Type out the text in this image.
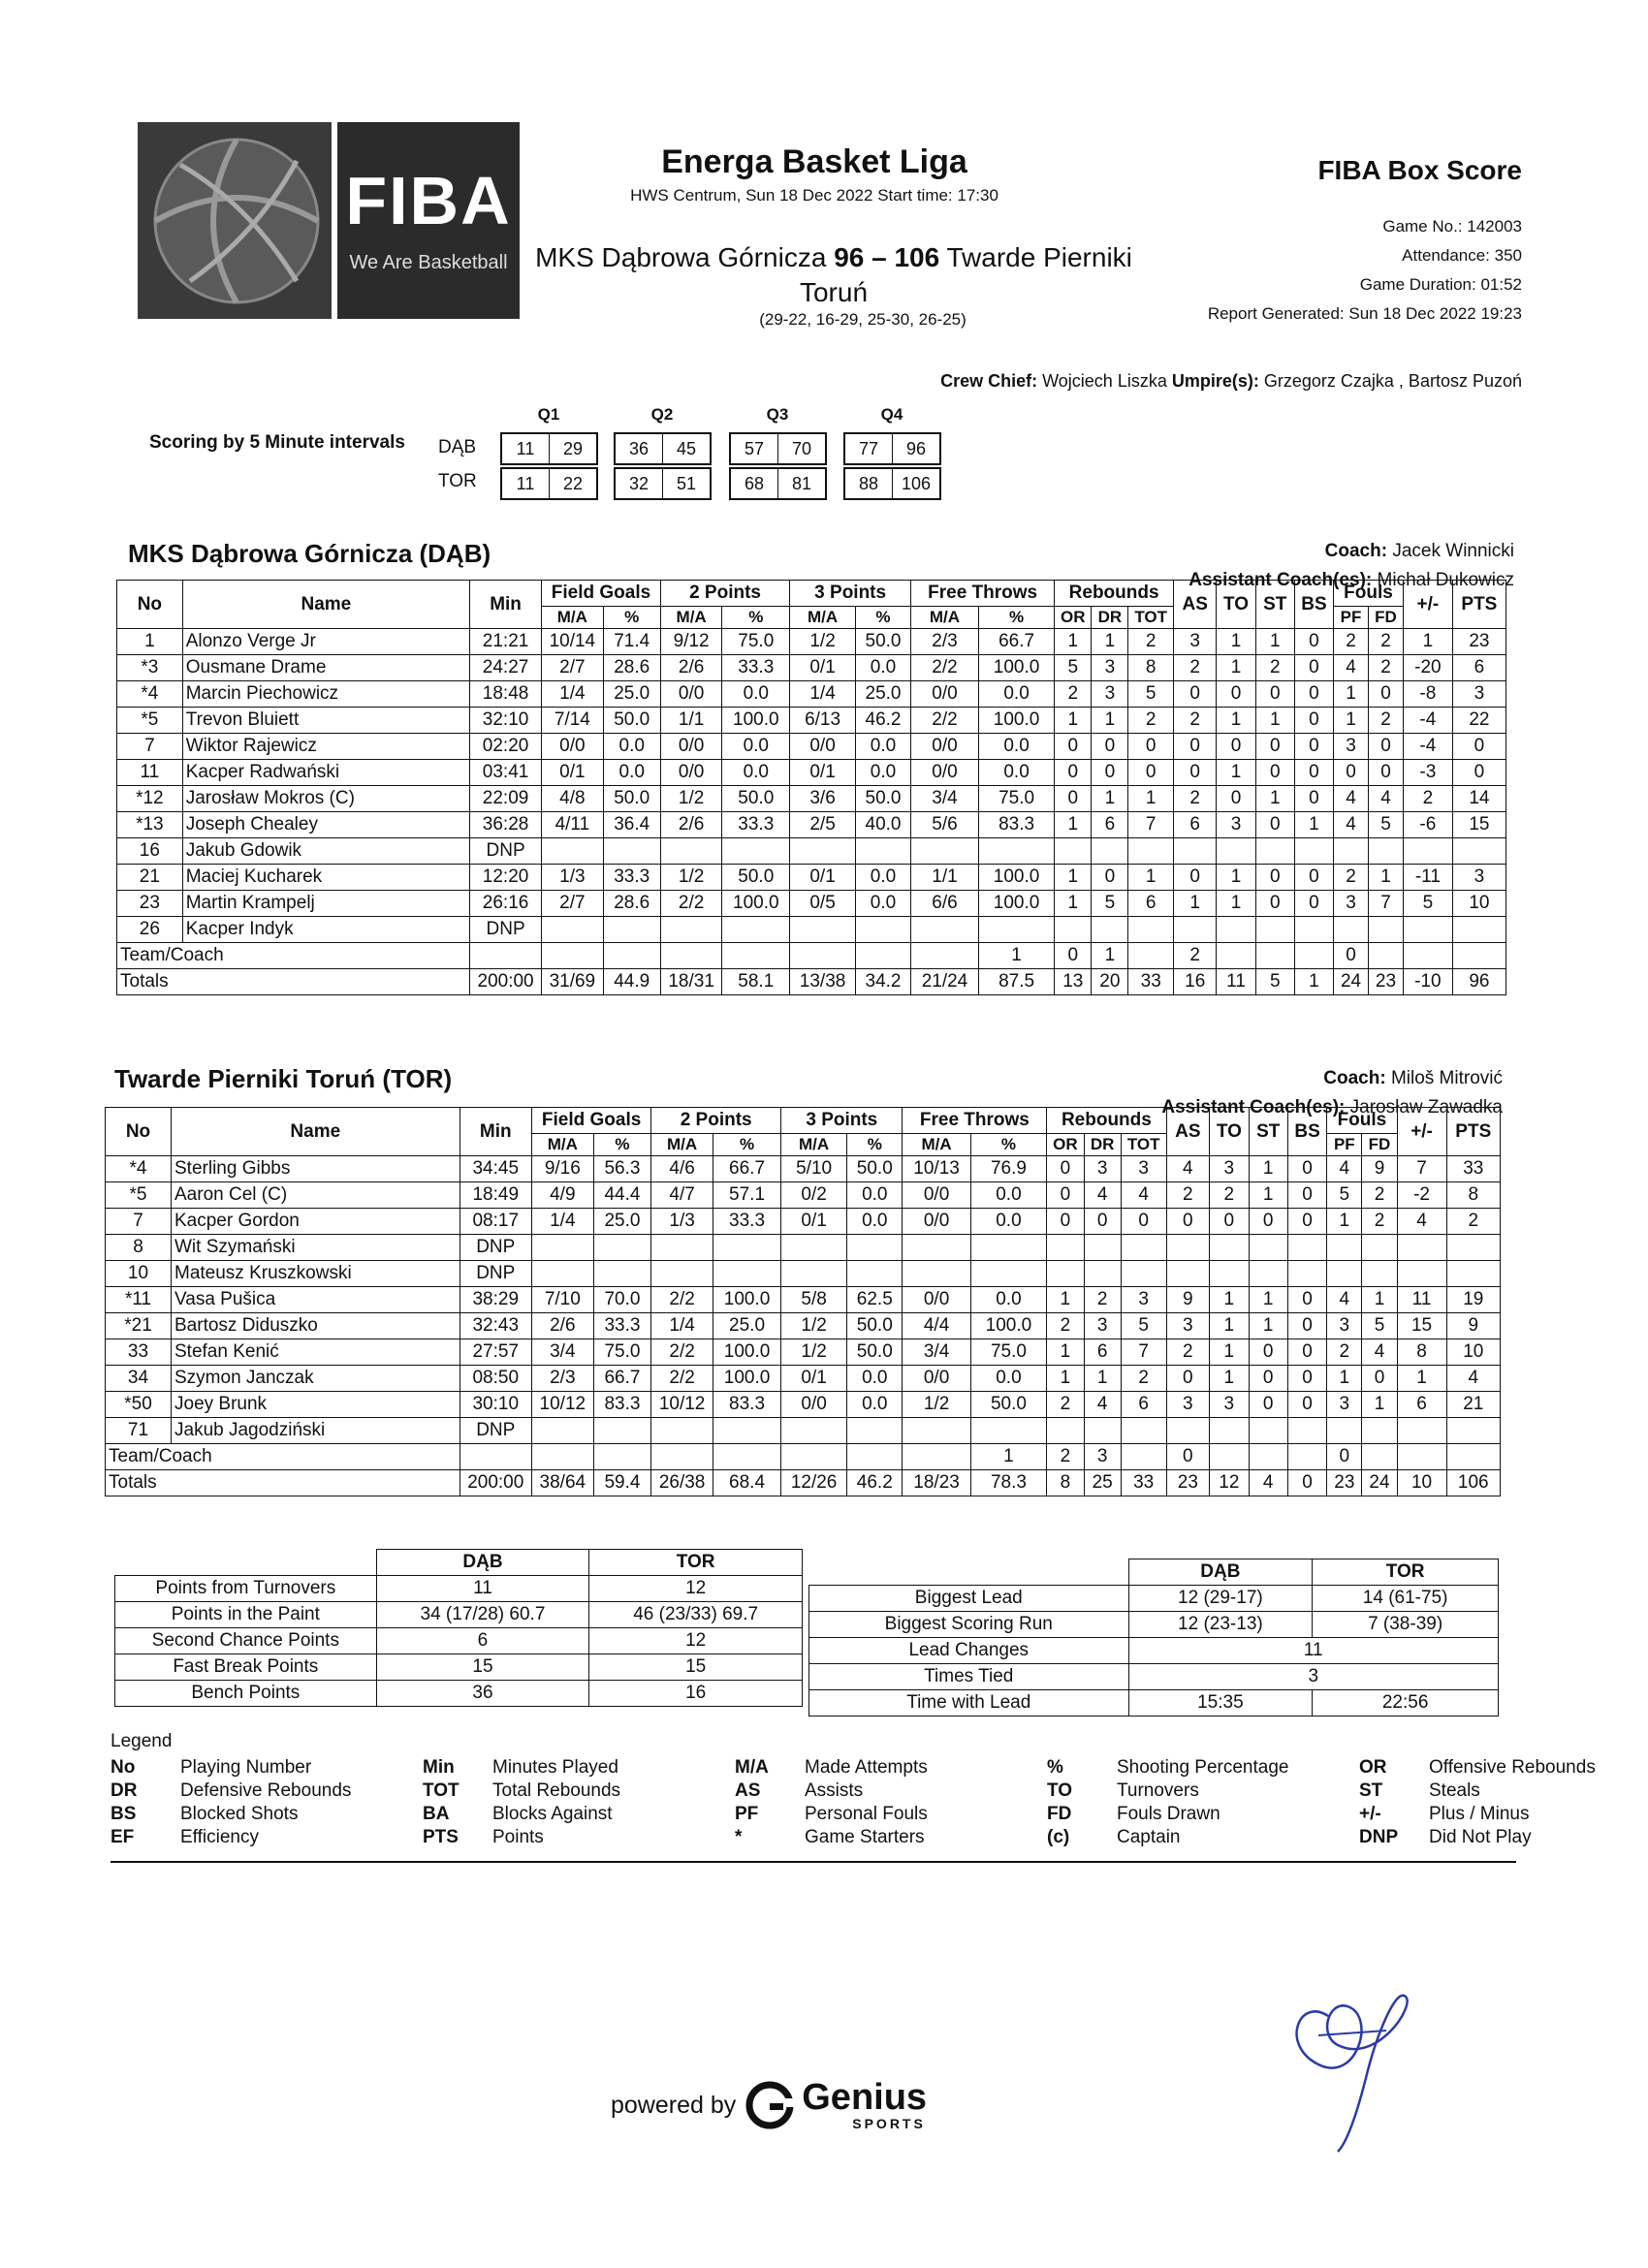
FIBA
We Are Basketball
Energa Basket Liga
HWS Centrum, Sun 18 Dec 2022 Start time: 17:30
MKS Dąbrowa Górnicza 96 – 106 Twarde Pierniki
Toruń
(29-22, 16-29, 25-30, 26-25)
FIBA Box Score
Game No.: 142003
Attendance: 350
Game Duration: 01:52
Report Generated: Sun 18 Dec 2022 19:23
Crew Chief: Wojciech Liszka Umpire(s): Grzegorz Czajka , Bartosz Puzoń
Scoring by 5 Minute intervals DĄB
TOR
Q1	Q2	Q3	Q4
11	29	36	45	57	70	77	96
11	22	32	51	68	81	88	106
MKS Dąbrowa Górnicza (DĄB)	Coach: Jacek Winnicki
Assistant Coach(es): Michał Dukowicz
No	Name	Min	Field Goals		2 Points		3 Points		Free Throws		Rebounds			AS	TO	ST	BS	Fouls		+/-	PTS
			M/A	%	M/A	%	M/A	%	M/A	%	OR	DR	TOT					PF	FD		
1	Alonzo Verge Jr	21:21	10/14	71.4	9/12	75.0	1/2	50.0	2/3	66.7	1	1	2	3	1	1	0	2	2	1	23
*3	Ousmane Drame	24:27	2/7	28.6	2/6	33.3	0/1	0.0	2/2	100.0	5	3	8	2	1	2	0	4	2	-20	6
*4	Marcin Piechowicz	18:48	1/4	25.0	0/0	0.0	1/4	25.0	0/0	0.0	2	3	5	0	0	0	0	1	0	-8	3
*5	Trevon Bluiett	32:10	7/14	50.0	1/1	100.0	6/13	46.2	2/2	100.0	1	1	2	2	1	1	0	1	2	-4	22
7	Wiktor Rajewicz	02:20	0/0	0.0	0/0	0.0	0/0	0.0	0/0	0.0	0	0	0	0	0	0	0	3	0	-4	0
11	Kacper Radwański	03:41	0/1	0.0	0/0	0.0	0/1	0.0	0/0	0.0	0	0	0	0	1	0	0	0	0	-3	0
*12	Jarosław Mokros (C)	22:09	4/8	50.0	1/2	50.0	3/6	50.0	3/4	75.0	0	1	1	2	0	1	0	4	4	2	14
*13	Joseph Chealey	36:28	4/11	36.4	2/6	33.3	2/5	40.0	5/6	83.3	1	6	7	6	3	0	1	4	5	-6	15
16	Jakub Gdowik	DNP																			
21	Maciej Kucharek	12:20	1/3	33.3	1/2	50.0	0/1	0.0	1/1	100.0	1	0	1	0	1	0	0	2	1	-11	3
23	Martin Krampelj	26:16	2/7	28.6	2/2	100.0	0/5	0.0	6/6	100.0	1	5	6	1	1	0	0	3	7	5	10
26	Kacper Indyk	DNP																			
Team/Coach										1	0	1		2				0			
Totals		200:00	31/69	44.9	18/31	58.1	13/38	34.2	21/24	87.5	13	20	33	16	11	5	1	24	23	-10	96
Twarde Pierniki Toruń (TOR)	Coach: Miloš Mitrović
Assistant Coach(es): Jarosław Zawadka
No	Name	Min	Field Goals		2 Points		3 Points		Free Throws		Rebounds			AS	TO	ST	BS	Fouls		+/-	PTS
			M/A	%	M/A	%	M/A	%	M/A	%	OR	DR	TOT					PF	FD		
*4	Sterling Gibbs	34:45	9/16	56.3	4/6	66.7	5/10	50.0	10/13	76.9	0	3	3	4	3	1	0	4	9	7	33
*5	Aaron Cel (C)	18:49	4/9	44.4	4/7	57.1	0/2	0.0	0/0	0.0	0	4	4	2	2	1	0	5	2	-2	8
7	Kacper Gordon	08:17	1/4	25.0	1/3	33.3	0/1	0.0	0/0	0.0	0	0	0	0	0	0	0	1	2	4	2
8	Wit Szymański	DNP																			
10	Mateusz Kruszkowski	DNP																			
*11	Vasa Pušica	38:29	7/10	70.0	2/2	100.0	5/8	62.5	0/0	0.0	1	2	3	9	1	1	0	4	1	11	19
*21	Bartosz Diduszko	32:43	2/6	33.3	1/4	25.0	1/2	50.0	4/4	100.0	2	3	5	3	1	1	0	3	5	15	9
33	Stefan Kenić	27:57	3/4	75.0	2/2	100.0	1/2	50.0	3/4	75.0	1	6	7	2	1	0	0	2	4	8	10
34	Szymon Janczak	08:50	2/3	66.7	2/2	100.0	0/1	0.0	0/0	0.0	1	1	2	0	1	0	0	1	0	1	4
*50	Joey Brunk	30:10	10/12	83.3	10/12	83.3	0/0	0.0	1/2	50.0	2	4	6	3	3	0	0	3	1	6	21
71	Jakub Jagodziński	DNP																			
Team/Coach										1	2	3		0				0			
Totals		200:00	38/64	59.4	26/38	68.4	12/26	46.2	18/23	78.3	8	25	33	23	12	4	0	23	24	10	106
	DĄB	TOR
Points from Turnovers	11	12
Points in the Paint	34 (17/28) 60.7	46 (23/33) 69.7
Second Chance Points	6	12
Fast Break Points	15	15
Bench Points	36	16
	DĄB	TOR
Biggest Lead	12 (29-17)	14 (61-75)
Biggest Scoring Run	12 (23-13)	7 (38-39)
Lead Changes	11	
Times Tied	3	
Time with Lead	15:35	22:56
Legend
No	Playing Number
DR	Defensive Rebounds
BS	Blocked Shots
EF	Efficiency
Min	Minutes Played
TOT	Total Rebounds
BA	Blocks Against
PTS	Points
M/A	Made Attempts
AS	Assists
PF	Personal Fouls
*	Game Starters
%	Shooting Percentage
TO	Turnovers
FD	Fouls Drawn
(c)	Captain
OR	Offensive Rebounds
ST	Steals
+/-	Plus / Minus
DNP	Did Not Play
powered by Genius
SPORTS
